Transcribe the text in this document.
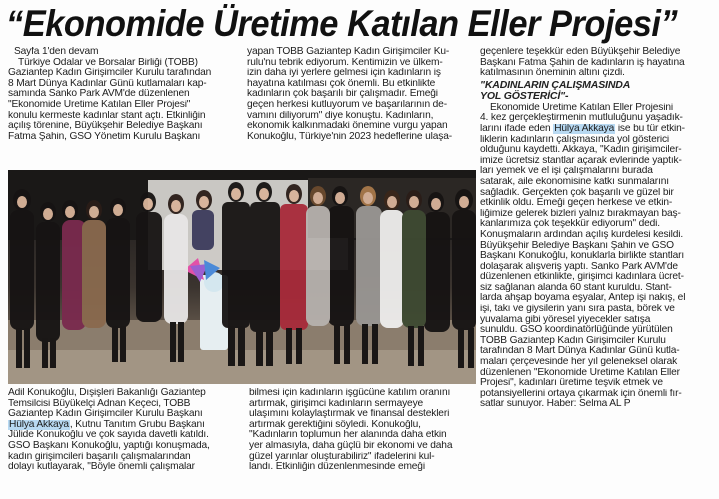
“Ekonomide Üretime Katılan Eller Projesi”

Sayfa 1'den devam

Türkiye Odalar ve Borsalar Birliği (TOBB)

Gaziantep Kadın Girişimciler Kurulu tarafından

8 Mart Dünya Kadınlar Günü kutlamaları kap-

samında Sanko Park AVM'de düzenlenen

"Ekonomide Üretime Katılan Eller Projesi"

konulu kermeste kadınlar stant açtı. Etkinliğin

açılış törenine, Büyükşehir Belediye Başkanı

Fatma Şahin, GSO Yönetim Kurulu Başkanı

yapan TOBB Gaziantep Kadın Girişimciler Ku-

rulu'nu tebrik ediyorum. Kentimizin ve ülkem-

izin daha iyi yerlere gelmesi için kadınların iş

hayatına katılması çok önemli. Bu etkinlikte

kadınların çok başarılı bir çalışmadır. Emeği

geçen herkesi kutluyorum ve başarılarının de-

vamını diliyorum" diye konuştu. Kadınların,

ekonomik kalkınmadaki önemine vurgu yapan

Konukoğlu, Türkiye'nin 2023 hedeflerine ulaşa-

geçenlere teşekkür eden Büyükşehir Belediye

Başkanı Fatma Şahin de kadınların iş hayatına

katılmasının öneminin altını çizdi.

"KADINLARIN ÇALIŞMASINDA
YOL GÖSTERİCİ"-

Ekonomide Üretime Katılan Eller Projesini

4. kez gerçekleştirmenin mutluluğunu yaşadık-

larını ifade eden Hülya Akkaya ise bu tür etkin-

liklerin kadınların çalışmasında yol gösterici

olduğunu kaydetti. Akkaya, "Kadın girişimciler-

imize ücretsiz stantlar açarak evlerinde yaptık-

ları yemek ve el işi çalışmalarını burada

satarak, aile ekonomisine katkı sunmalarını

sağladık. Gerçekten çok başarılı ve güzel bir

etkinlik oldu. Emeği geçen herkese ve etkin-

liğimize gelerek bizleri yalnız bırakmayan baş-

kanlarımıza çok teşekkür ediyorum" dedi.

Konuşmaların ardından açılış kurdelesi kesildi.

Büyükşehir Belediye Başkanı Şahin ve GSO

Başkanı Konukoğlu, konuklarla birlikte stantları

dolaşarak alışveriş yaptı. Sanko Park AVM'de

düzenlenen etkinlikte, girişimci kadınlara ücret-

siz sağlanan alanda 60 stant kuruldu. Stant-

larda ahşap boyama eşyalar, Antep işi nakış, el

işi, takı ve giysilerin yanı sıra pasta, börek ve

yuvalama gibi yöresel yiyecekler satışa

sunuldu. GSO koordinatörlüğünde yürütülen

TOBB Gaziantep Kadın Girişimciler Kurulu

tarafından 8 Mart Dünya Kadınlar Günü kutla-

maları çerçevesinde her yıl geleneksel olarak

düzenlenen "Ekonomide Üretime Katılan Eller

Projesi", kadınları üretime teşvik etmek ve

potansiyellerini ortaya çıkarmak için önemli fır-

satlar sunuyor. Haber: Selma AL P

Adil Konukoğlu, Dışişleri Bakanlığı Gaziantep

Temsilcisi Büyükelçi Adnan Keçeci, TOBB

Gaziantep Kadın Girişimciler Kurulu Başkanı

Hülya Akkaya, Kutnu Tanıtım Grubu Başkanı

Jülide Konukoğlu ve çok sayıda davetli katıldı.

GSO Başkanı Konukoğlu, yaptığı konuşmada,

kadın girişimcileri başarılı çalışmalarından

dolayı kutlayarak, "Böyle önemli çalışmalar

bilmesi için kadınların işgücüne katılım oranını

artırmak, girişimci kadınların sermayeye

ulaşımını kolaylaştırmak ve finansal destekleri

artırmak gerektiğini söyledi. Konukoğlu,

"Kadınların toplumun her alanında daha etkin

yer almasıyla, daha güçlü bir ekonomi ve daha

güzel yarınlar oluşturabiliriz" ifadelerini kul-

landı. Etkinliğin düzenlenmesinde emeği
